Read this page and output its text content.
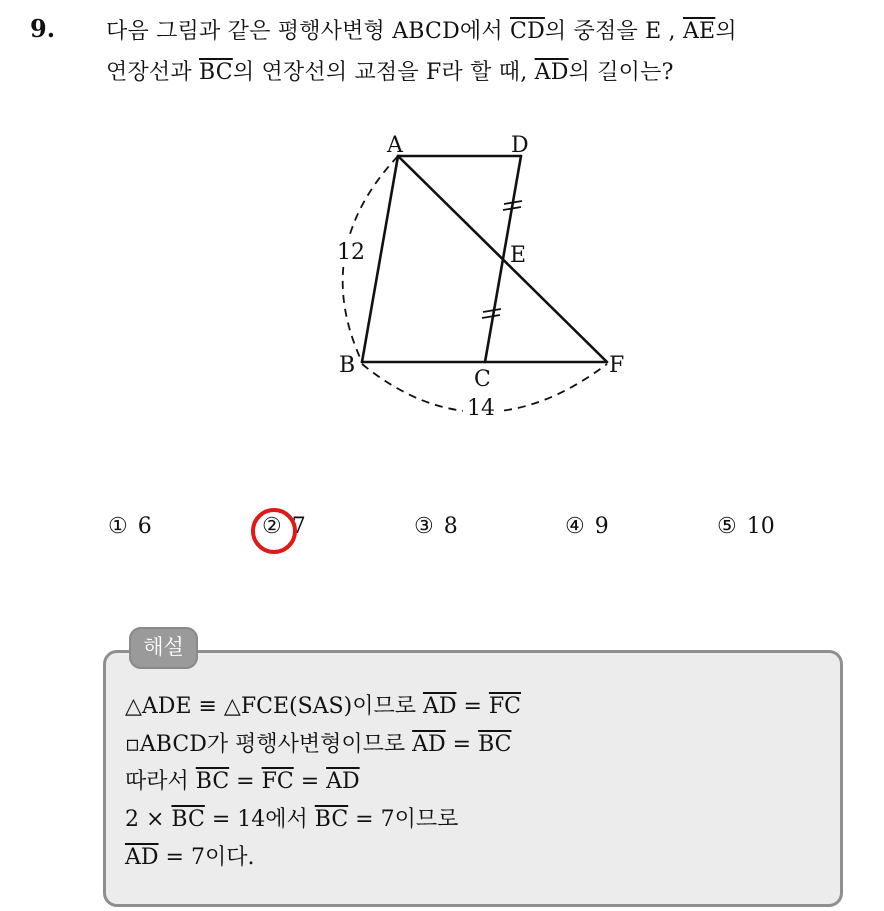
9. 다음 그림과 같은 평행사변형 ABCD에서 $\overline{CD}$의 중점을 E , $\overline{AE}$의
연장선과 $\overline{BC}$의 연장선의 교점을 F라 할 때, $\overline{AD}$의 길이는?
A	D
E
B
C
F
12
14
① 6	② 7	③ 8	④ 9	⑤ 10
해설
△ADE ≡ △FCE(SAS)이므로 $\overline{AD} = \overline{FC}$
▫ABCD가 평행사변형이므로 $\overline{AD} = \overline{BC}$
따라서 $\overline{BC} = \overline{FC} = \overline{AD}$
$2 \times \overline{BC} = 14$에서 $\overline{BC} = 7$이므로
$\overline{AD} = 7$이다.
